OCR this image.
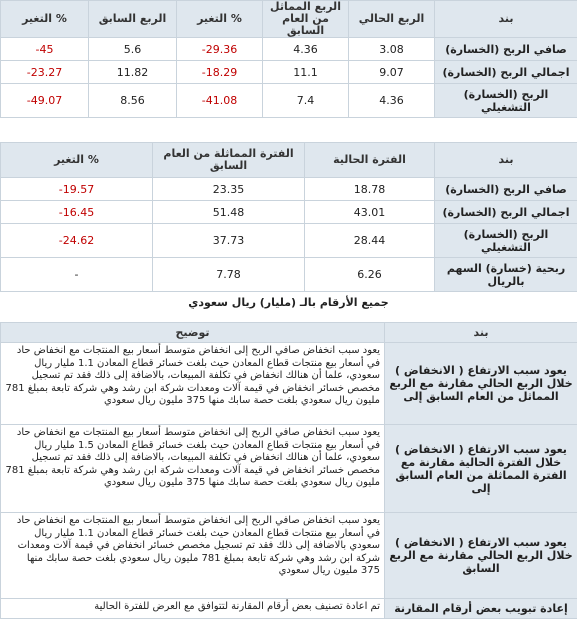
بند	الربع الحالي	الربع المماثل من العام السابق	% التغير	الربع السابق	% التغير
صافي الربح (الخسارة)	3.08	4.36	29.36-	5.6	45-
اجمالي الربح (الخسارة)	9.07	11.1	18.29-	11.82	23.27-
الربح (الخسارة) التشغيلي	4.36	7.4	41.08-	8.56	49.07-
بند	الفترة الحالية	الفترة المماثلة من العام السابق	% التغير
صافي الربح (الخسارة)	18.78	23.35	19.57-
اجمالي الربح (الخسارة)	43.01	51.48	16.45-
الربح (الخسارة) التشغيلي	28.44	37.73	24.62-
ربحية (خسارة) السهم بالريال	6.26	7.78	-
جميع الأرقام بالـ (مليار) ريال سعودي
بند	توضيح
يعود سبب الارتفاع ( الانخفاض ) خلال الربع الحالي مقارنة مع الربع المماثل من العام السابق إلى	يعود سبب انخفاض صافي الربح إلى انخفاض متوسط أسعار بيع المنتجات مع انخفاض حاد في أسعار بيع منتجات قطاع المعادن حيث بلغت خسائر قطاع المعادن 1.1 مليار ريال سعودي، علما أن هنالك انخفاض في تكلفة المبيعات، بالاضافة إلى ذلك فقد تم تسجيل مخصص خسائر انخفاض في قيمة آلات ومعدات شركة ابن رشد وهي شركة تابعة بمبلغ 781 مليون ريال سعودي بلغت حصة سابك منها 375 مليون ريال سعودي
يعود سبب الارتفاع ( الانخفاض ) خلال الفترة الحالية مقارنة مع الفترة المماثلة من العام السابق إلى	يعود سبب انخفاض صافي الربح إلى انخفاض متوسط أسعار بيع المنتجات مع انخفاض حاد في أسعار بيع منتجات قطاع المعادن حيث بلغت خسائر قطاع المعادن 1.5 مليار ريال سعودي، علما أن هنالك انخفاض في تكلفة المبيعات، بالاضافة إلى ذلك فقد تم تسجيل مخصص خسائر انخفاض في قيمة آلات ومعدات شركة ابن رشد وهي شركة تابعة بمبلغ 781 مليون ريال سعودي بلغت حصة سابك منها 375 مليون ريال سعودي
يعود سبب الارتفاع ( الانخفاض ) خلال الربع الحالي مقارنة مع الربع السابق	يعود سبب انخفاض صافي الربح إلى انخفاض متوسط أسعار بيع المنتجات مع انخفاض حاد في أسعار بيع منتجات قطاع المعادن حيث بلغت خسائر قطاع المعادن 1.1 مليار ريال سعودي بالاضافة إلى ذلك فقد تم تسجيل مخصص خسائر انخفاض في قيمة آلات ومعدات شركة ابن رشد وهي شركة تابعة بمبلغ 781 مليون ريال سعودي بلغت حصة سابك منها 375 مليون ريال سعودي
إعادة تبويب بعض أرقام المقارنة	تم اعادة تصنيف بعض أرقام المقارنة لتتوافق مع العرض للفترة الحالية
